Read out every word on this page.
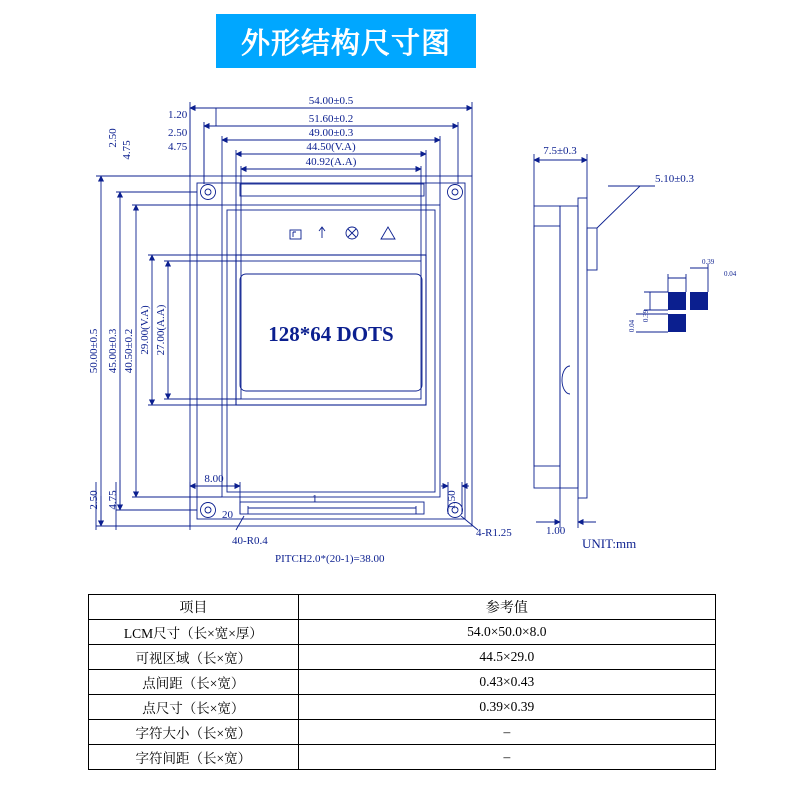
外形结构尺寸图
54.00±0.5
51.60±0.2
49.00±0.3
44.50(V.A)
40.92(A.A)
1.20
2.50
4.75
2.50
4.75
50.00±0.5 45.00±0.3 40.50±0.2 29.00(V.A) 27.00(A.A)
2.50 4.75
8.00
1.50
20
1
40-R0.4
PITCH2.0*(20-1)=38.00
4-R1.25
7.5±0.3
5.10±0.3
1.00
0.39
0.04
0.39
0.04
UNIT:mm
128*64 DOTS
项目	参考值
LCM尺寸（长×宽×厚）	54.0×50.0×8.0
可视区域（长×宽）	44.5×29.0
点间距（长×宽）	0.43×0.43
点尺寸（长×宽）	0.39×0.39
字符大小（长×宽）	–
字符间距（长×宽）	–
